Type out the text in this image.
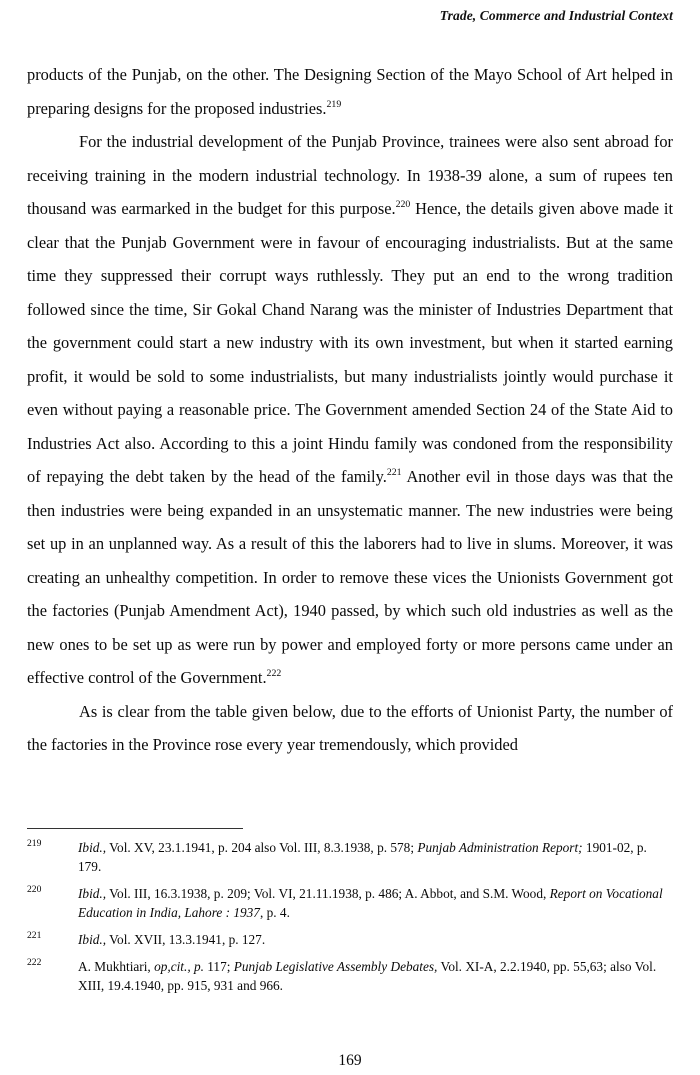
Trade, Commerce and Industrial Context

products of the Punjab, on the other. The Designing Section of the Mayo School of Art helped in preparing designs for the proposed industries.$^{219}$

For the industrial development of the Punjab Province, trainees were also sent abroad for receiving training in the modern industrial technology. In 1938-39 alone, a sum of rupees ten thousand was earmarked in the budget for this purpose.$^{220}$ Hence, the details given above made it clear that the Punjab Government were in favour of encouraging industrialists. But at the same time they suppressed their corrupt ways ruthlessly. They put an end to the wrong tradition followed since the time, Sir Gokal Chand Narang was the minister of Industries Department that the government could start a new industry with its own investment, but when it started earning profit, it would be sold to some industrialists, but many industrialists jointly would purchase it even without paying a reasonable price. The Government amended Section 24 of the State Aid to Industries Act also. According to this a joint Hindu family was condoned from the responsibility of repaying the debt taken by the head of the family.$^{221}$ Another evil in those days was that the then industries were being expanded in an unsystematic manner. The new industries were being set up in an unplanned way. As a result of this the laborers had to live in slums. Moreover, it was creating an unhealthy competition. In order to remove these vices the Unionists Government got the factories (Punjab Amendment Act), 1940 passed, by which such old industries as well as the new ones to be set up as were run by power and employed forty or more persons came under an effective control of the Government.$^{222}$

As is clear from the table given below, due to the efforts of Unionist Party, the number of the factories in the Province rose every year tremendously, which provided

219	Ibid., Vol. XV, 23.1.1941, p. 204 also Vol. III, 8.3.1938, p. 578; Punjab Administration Report; 1901-02, p. 179.
220	Ibid., Vol. III, 16.3.1938, p. 209; Vol. VI, 21.11.1938, p. 486; A. Abbot, and S.M. Wood, Report on Vocational Education in India, Lahore : 1937, p. 4.
221	Ibid., Vol. XVII, 13.3.1941, p. 127.
222	A. Mukhtiari, op,cit., p. 117; Punjab Legislative Assembly Debates, Vol. XI-A, 2.2.1940, pp. 55,63; also Vol. XIII, 19.4.1940, pp. 915, 931 and 966.
169
